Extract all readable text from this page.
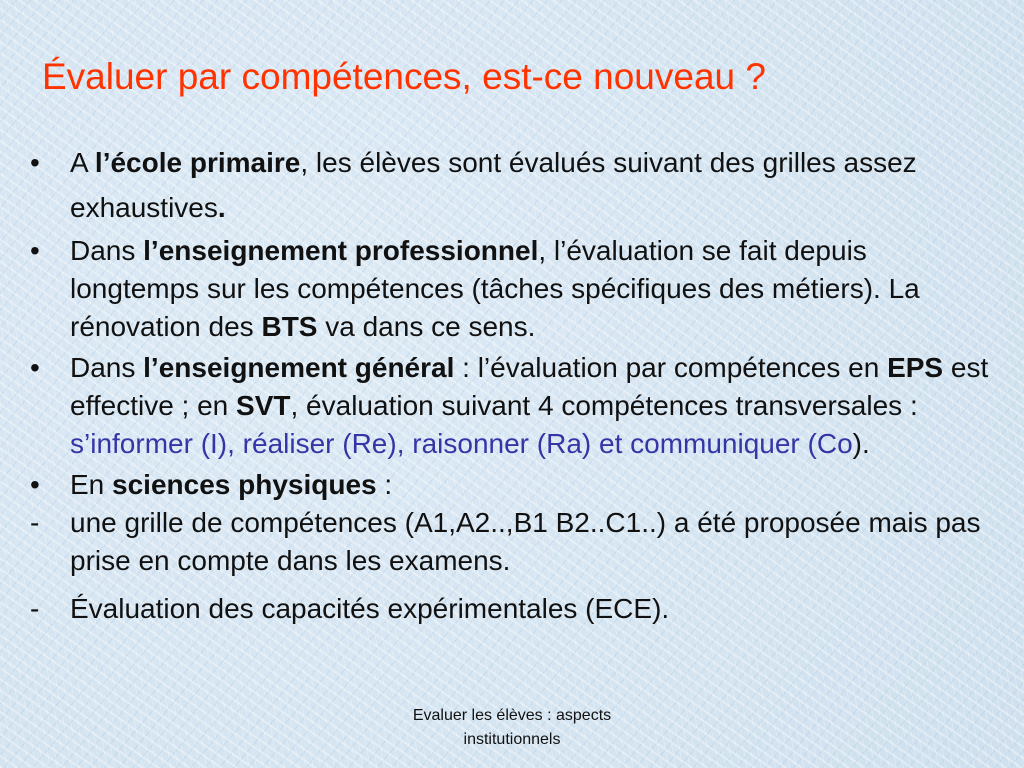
Évaluer par compétences, est-ce nouveau ?
•	A l’école primaire, les élèves sont évalués suivant des grilles assez exhaustives.
•	Dans l’enseignement professionnel, l’évaluation se fait depuis longtemps sur les compétences (tâches spécifiques des métiers). La rénovation des BTS va dans ce sens.
•	Dans l’enseignement général : l’évaluation par compétences en EPS est effective ; en SVT, évaluation suivant 4 compétences transversales : s’informer (I), réaliser (Re), raisonner (Ra) et communiquer (Co).
•	En sciences physiques :
-	une grille de compétences (A1,A2..,B1 B2..C1..) a été proposée mais pas prise en compte dans les examens.
-	Évaluation des capacités expérimentales (ECE).
Evaluer les élèves : aspects
institutionnels
